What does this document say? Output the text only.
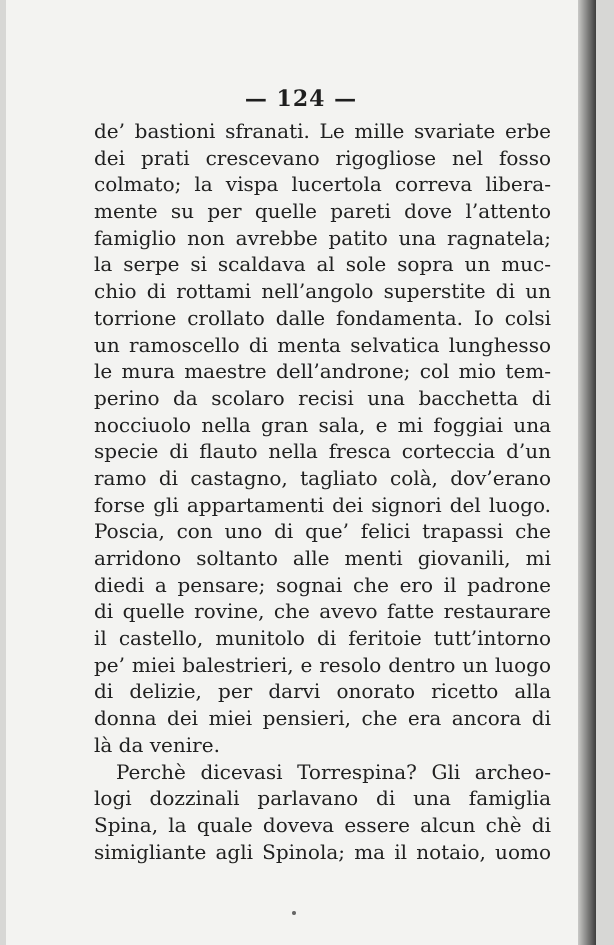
— 124 —
de’ bastioni sfranati. Le mille svariate erbe
dei prati crescevano rigogliose nel fosso
colmato; la vispa lucertola correva libera-
mente su per quelle pareti dove l’attento
famiglio non avrebbe patito una ragnatela;
la serpe si scaldava al sole sopra un muc-
chio di rottami nell’angolo superstite di un
torrione crollato dalle fondamenta. Io colsi
un ramoscello di menta selvatica lunghesso
le mura maestre dell’androne; col mio tem-
perino da scolaro recisi una bacchetta di
nocciuolo nella gran sala, e mi foggiai una
specie di flauto nella fresca corteccia d’un
ramo di castagno, tagliato colà, dov’erano
forse gli appartamenti dei signori del luogo.
Poscia, con uno di que’ felici trapassi che
arridono soltanto alle menti giovanili, mi
diedi a pensare; sognai che ero il padrone
di quelle rovine, che avevo fatte restaurare
il castello, munitolo di feritoie tutt’intorno
pe’ miei balestrieri, e resolo dentro un luogo
di delizie, per darvi onorato ricetto alla
donna dei miei pensieri, che era ancora di
là da venire.
Perchè dicevasi Torrespina? Gli archeo-
logi dozzinali parlavano di una famiglia
Spina, la quale doveva essere alcun chè di
simigliante agli Spinola; ma il notaio, uomo
